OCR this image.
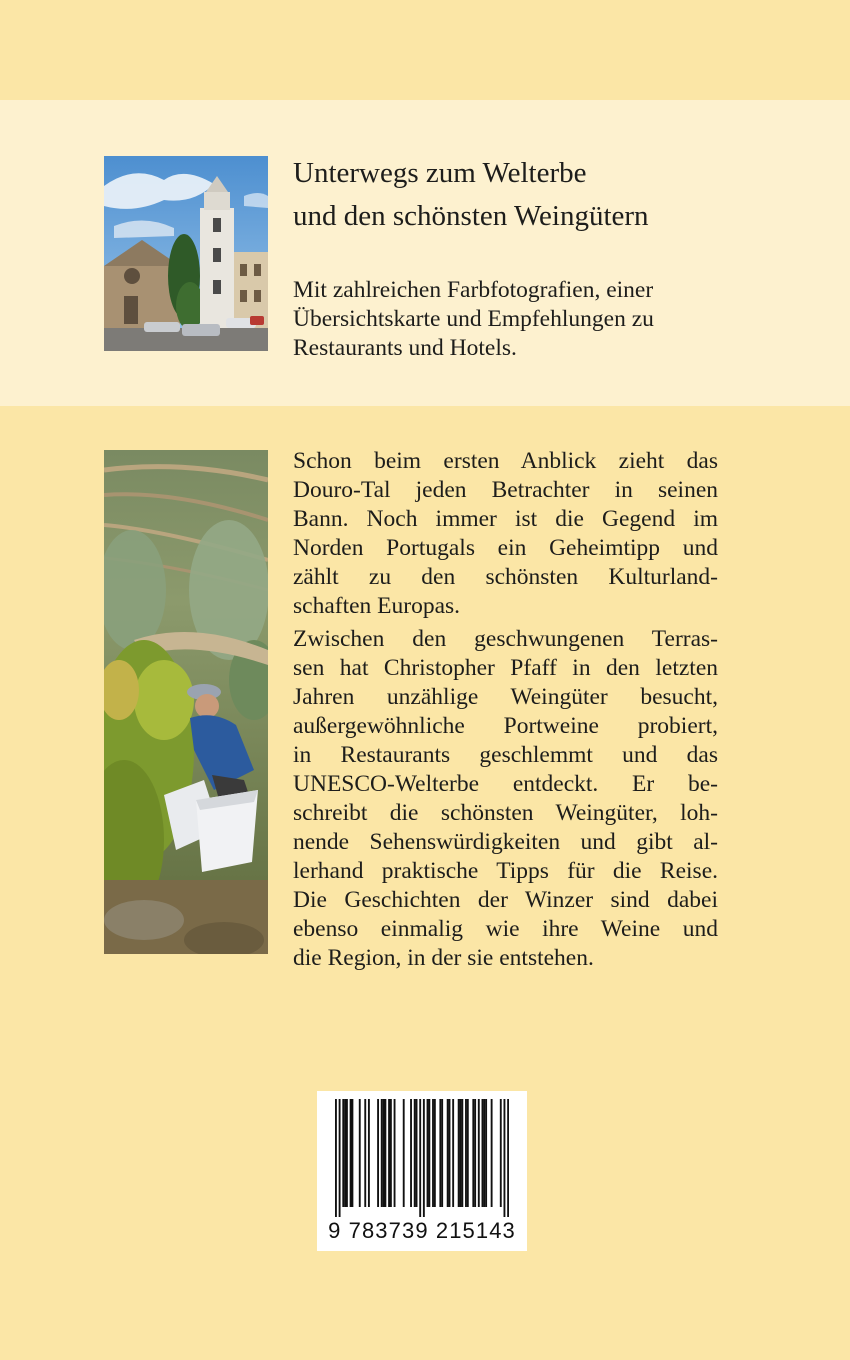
Unterwegs zum Welterbe
und den schönsten Weingütern

Mit zahlreichen Farbfotografien, einer
Übersichtskarte und Empfehlungen zu
Restaurants und Hotels.

Schon beim ersten Anblick zieht das
Douro-Tal jeden Betrachter in seinen
Bann. Noch immer ist die Gegend im
Norden Portugals ein Geheimtipp und
zählt zu den schönsten Kulturland-
schaften Europas.

Zwischen den geschwungenen Terras-
sen hat Christopher Pfaff in den letzten
Jahren unzählige Weingüter besucht,
außergewöhnliche Portweine probiert,
in Restaurants geschlemmt und das
UNESCO-Welterbe entdeckt. Er be-
schreibt die schönsten Weingüter, loh-
nende Sehenswürdigkeiten und gibt al-
lerhand praktische Tipps für die Reise.
Die Geschichten der Winzer sind dabei
ebenso einmalig wie ihre Weine und
die Region, in der sie entstehen.

9 783739 215143
